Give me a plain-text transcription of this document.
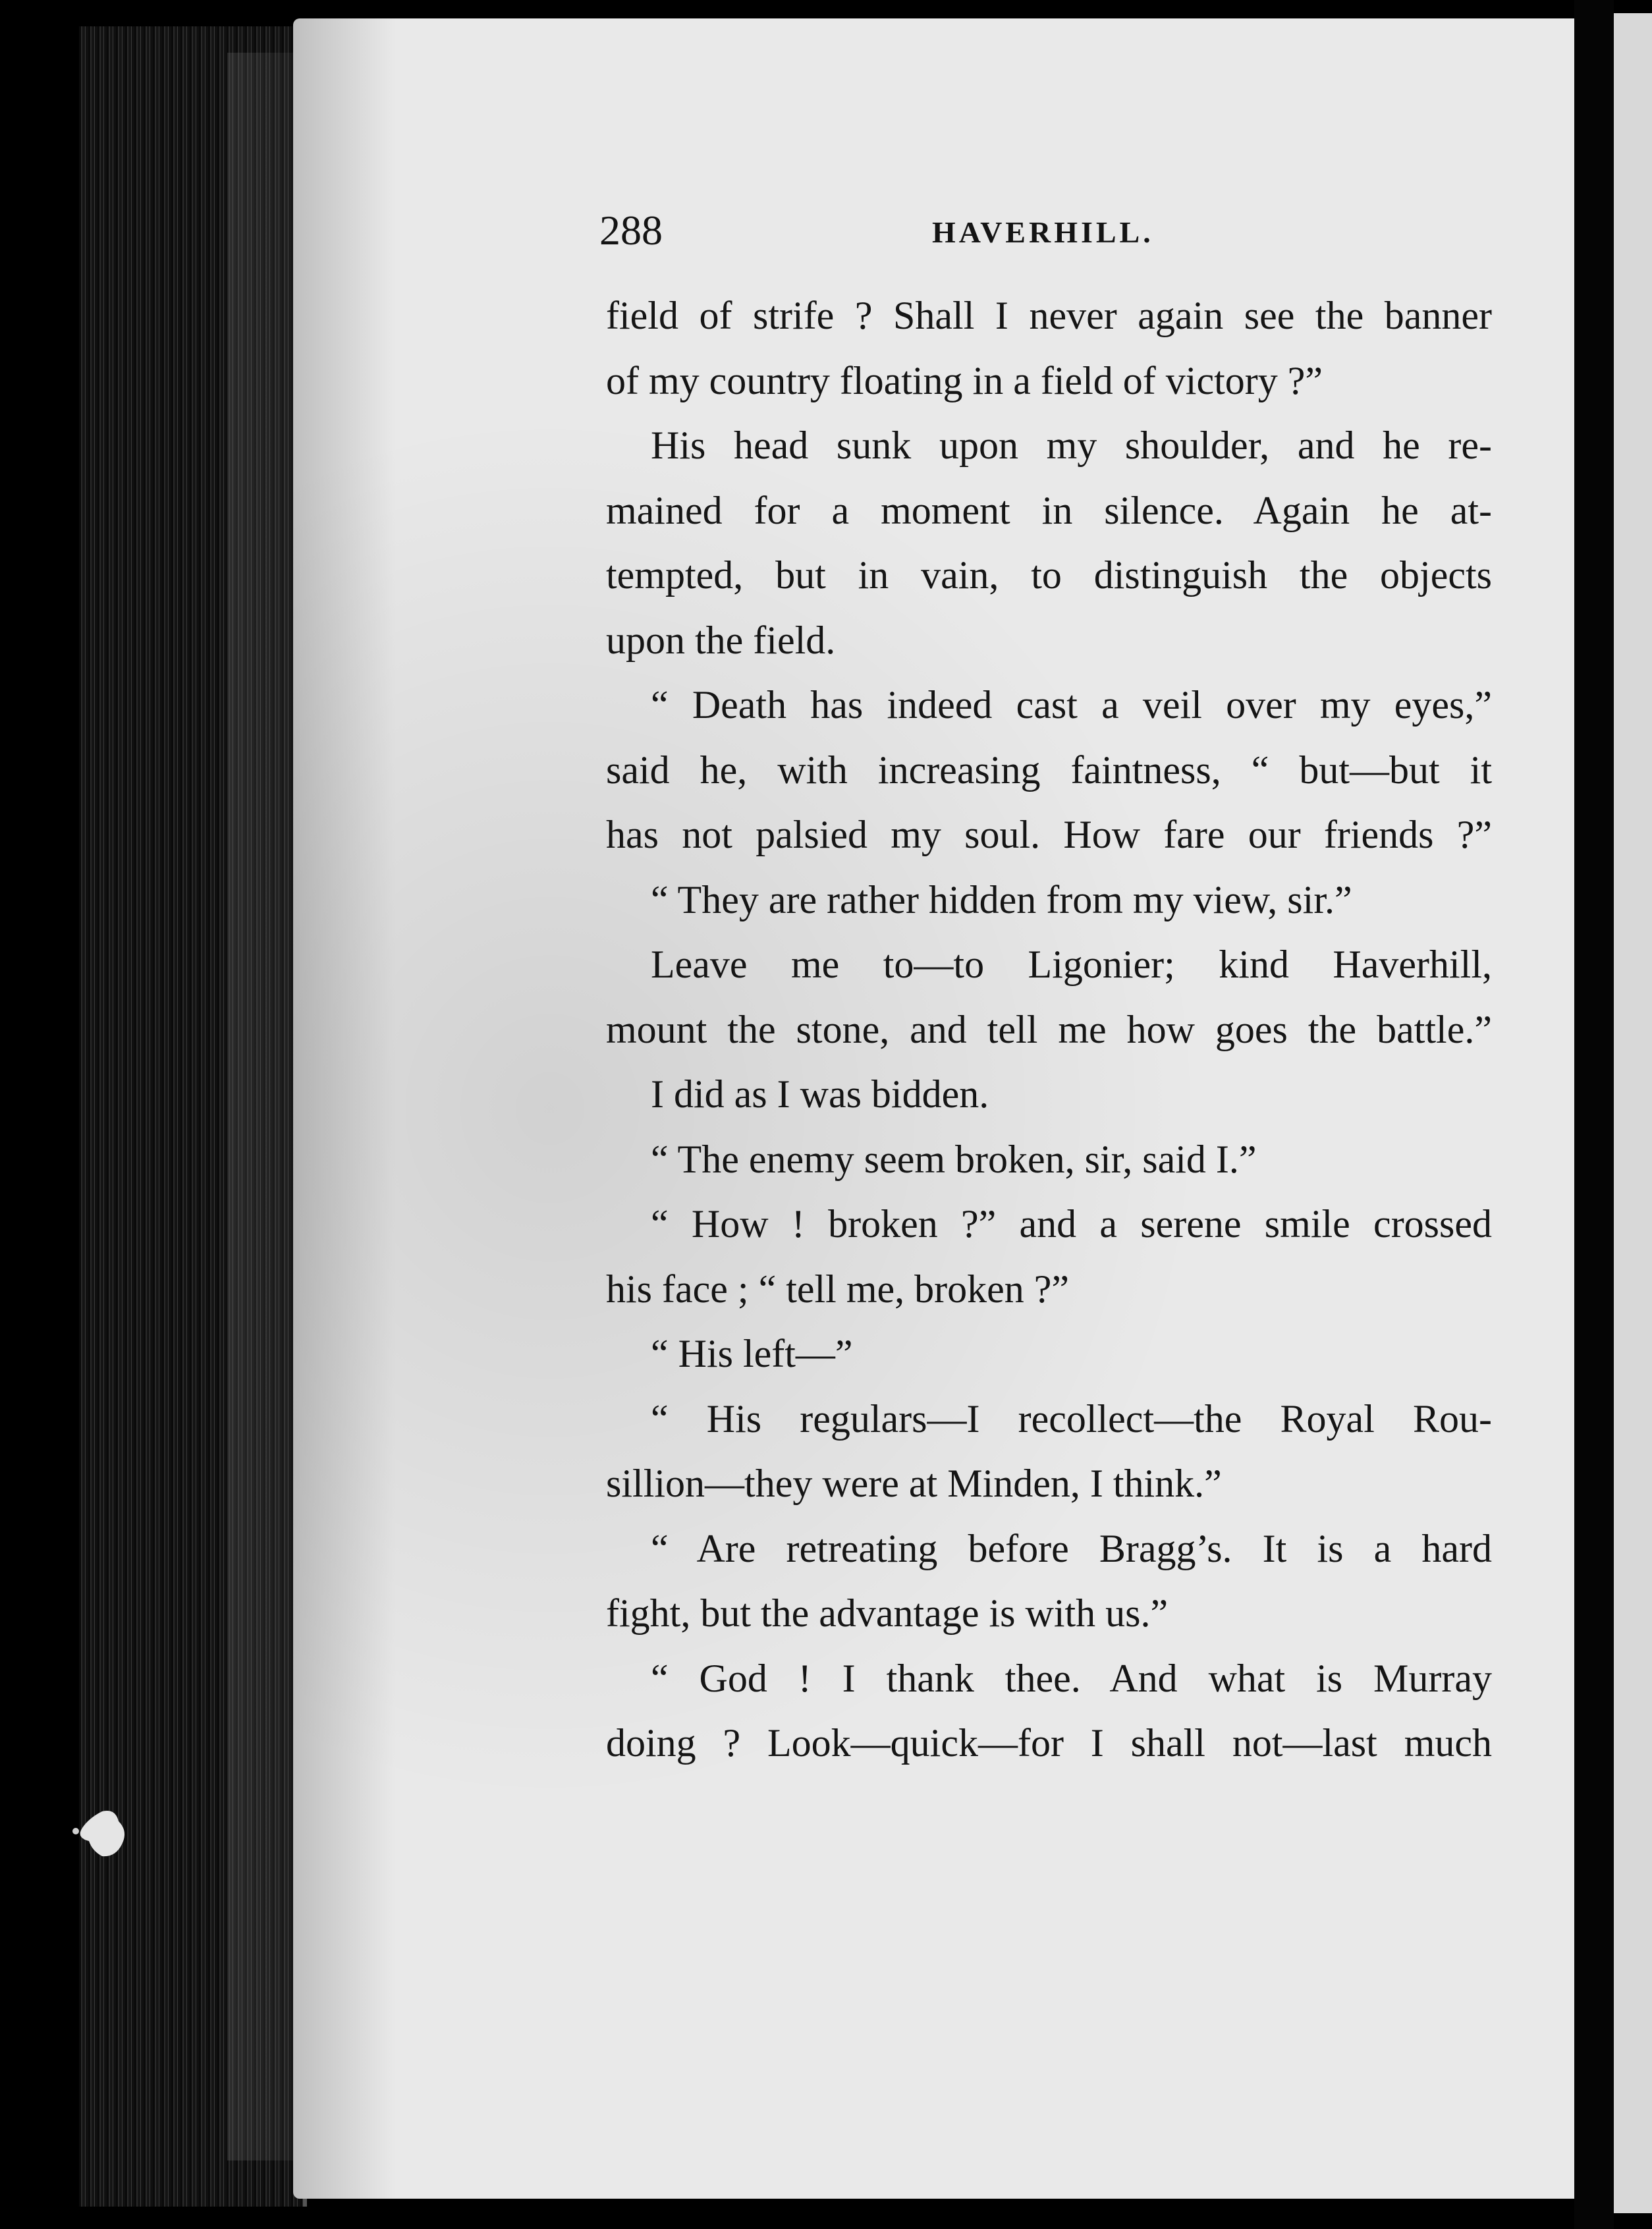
288	HAVERHILL.
field of strife ? Shall I never again see the banner
of my country floating in a field of victory ?”
His head sunk upon my shoulder, and he re-
mained for a moment in silence. Again he at-
tempted, but in vain, to distinguish the objects
upon the field.
“ Death has indeed cast a veil over my eyes,”
said he, with increasing faintness, “ but—but it
has not palsied my soul. How fare our friends ?”
“ They are rather hidden from my view, sir.”
Leave me to—to Ligonier; kind Haverhill,
mount the stone, and tell me how goes the battle.”
I did as I was bidden.
“ The enemy seem broken, sir, said I.”
“ How ! broken ?” and a serene smile crossed
his face ; “ tell me, broken ?”
“ His left—”
“ His regulars—I recollect—the Royal Rou-
sillion—they were at Minden, I think.”
“ Are retreating before Bragg’s. It is a hard
fight, but the advantage is with us.”
“ God ! I thank thee. And what is Murray
doing ? Look—quick—for I shall not—last much
